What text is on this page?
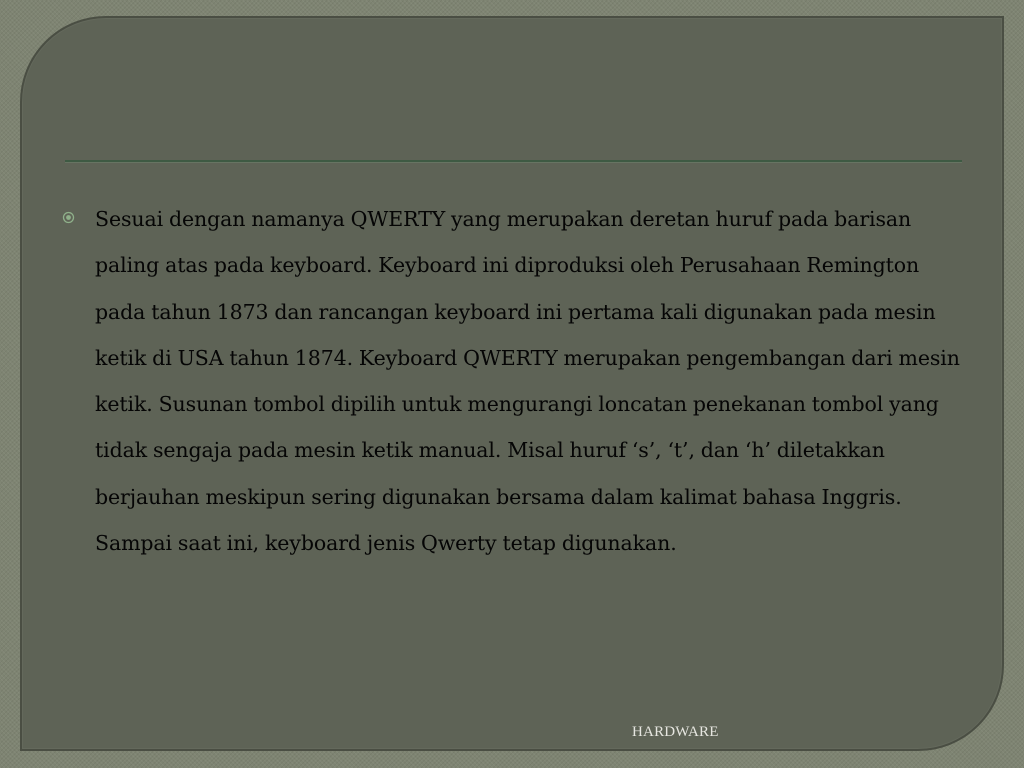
Sesuai dengan namanya QWERTY yang merupakan deretan huruf pada barisan paling atas pada keyboard. Keyboard ini diproduksi oleh Perusahaan Remington pada tahun 1873 dan rancangan keyboard ini pertama kali digunakan pada mesin ketik di USA tahun 1874. Keyboard QWERTY merupakan pengembangan dari mesin ketik. Susunan tombol dipilih untuk mengurangi loncatan penekanan tombol yang tidak sengaja pada mesin ketik manual. Misal huruf ‘s’, ‘t’, dan ‘h’ diletakkan berjauhan meskipun sering digunakan bersama dalam kalimat bahasa Inggris. Sampai saat ini, keyboard jenis Qwerty tetap digunakan.

HARDWARE
